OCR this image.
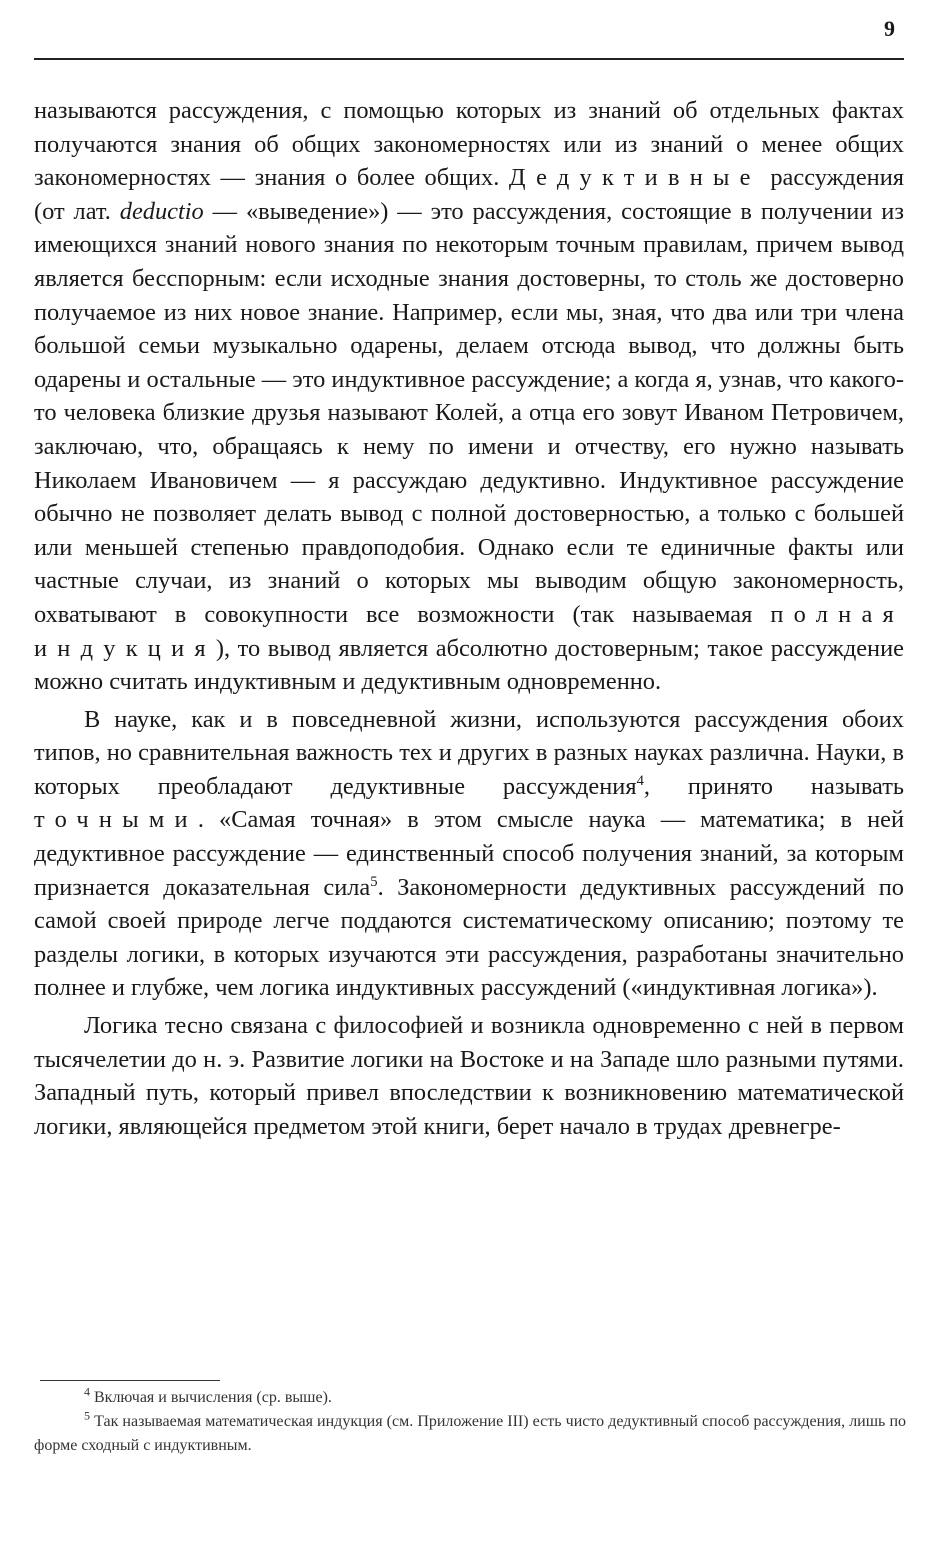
9

называются рассуждения, с помощью которых из знаний об отдельных фактах получаются знания об общих закономерностях или из знаний о менее общих закономерностях — знания о более общих. Дедуктивные рассуждения (от лат. deductio — «выведение») — это рассуждения, состоящие в получении из имеющихся знаний нового знания по некоторым точным правилам, причем вывод является бесспорным: если исходные знания достоверны, то столь же достоверно получаемое из них новое знание. Например, если мы, зная, что два или три члена большой семьи музыкально одарены, делаем отсюда вывод, что должны быть одарены и остальные — это индуктивное рассуждение; а когда я, узнав, что какого-то человека близкие друзья называют Колей, а отца его зовут Иваном Петровичем, заключаю, что, обращаясь к нему по имени и отчеству, его нужно называть Николаем Ивановичем — я рассуждаю дедуктивно. Индуктивное рассуждение обычно не позволяет делать вывод с полной достоверностью, а только с большей или меньшей степенью правдоподобия. Однако если те единичные факты или частные случаи, из знаний о которых мы выводим общую закономерность, охватывают в совокупности все возможности (так называемая полная индукция), то вывод является абсолютно достоверным; такое рассуждение можно считать индуктивным и дедуктивным одновременно.

В науке, как и в повседневной жизни, используются рассуждения обоих типов, но сравнительная важность тех и других в разных науках различна. Науки, в которых преобладают дедуктивные рассуждения$^4$, принято называть точными. «Самая точная» в этом смысле наука — математика; в ней дедуктивное рассуждение — единственный способ получения знаний, за которым признается доказательная сила$^5$. Закономерности дедуктивных рассуждений по самой своей природе легче поддаются систематическому описанию; поэтому те разделы логики, в которых изучаются эти рассуждения, разработаны значительно полнее и глубже, чем логика индуктивных рассуждений («индуктивная логика»).

Логика тесно связана с философией и возникла одновременно с ней в первом тысячелетии до н. э. Развитие логики на Востоке и на Западе шло разными путями. Западный путь, который привел впоследствии к возникновению математической логики, являющейся предметом этой книги, берет начало в трудах древнегре-

$^4$ Включая и вычисления (ср. выше).

$^5$ Так называемая математическая индукция (см. Приложение III) есть чисто дедуктивный способ рассуждения, лишь по форме сходный с индуктивным.
